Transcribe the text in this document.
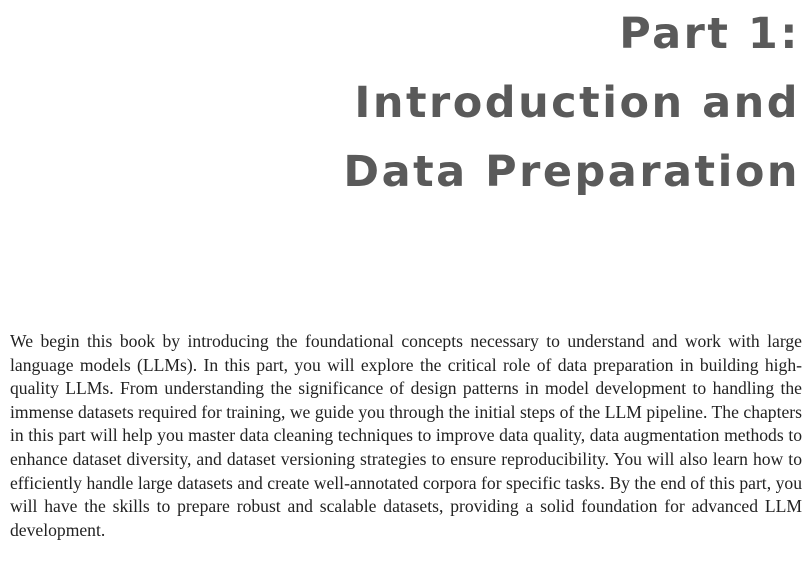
Part 1:
Introduction and
Data Preparation

We begin this book by introducing the foundational concepts necessary to understand and work with large language models (LLMs). In this part, you will explore the critical role of data preparation in building high-quality LLMs. From understanding the significance of design patterns in model development to handling the immense datasets required for training, we guide you through the initial steps of the LLM pipeline. The chapters in this part will help you master data cleaning techniques to improve data quality, data augmentation methods to enhance dataset diversity, and dataset versioning strategies to ensure reproducibility. You will also learn how to efficiently handle large datasets and create well-annotated corpora for specific tasks. By the end of this part, you will have the skills to prepare robust and scalable datasets, providing a solid foundation for advanced LLM development.
